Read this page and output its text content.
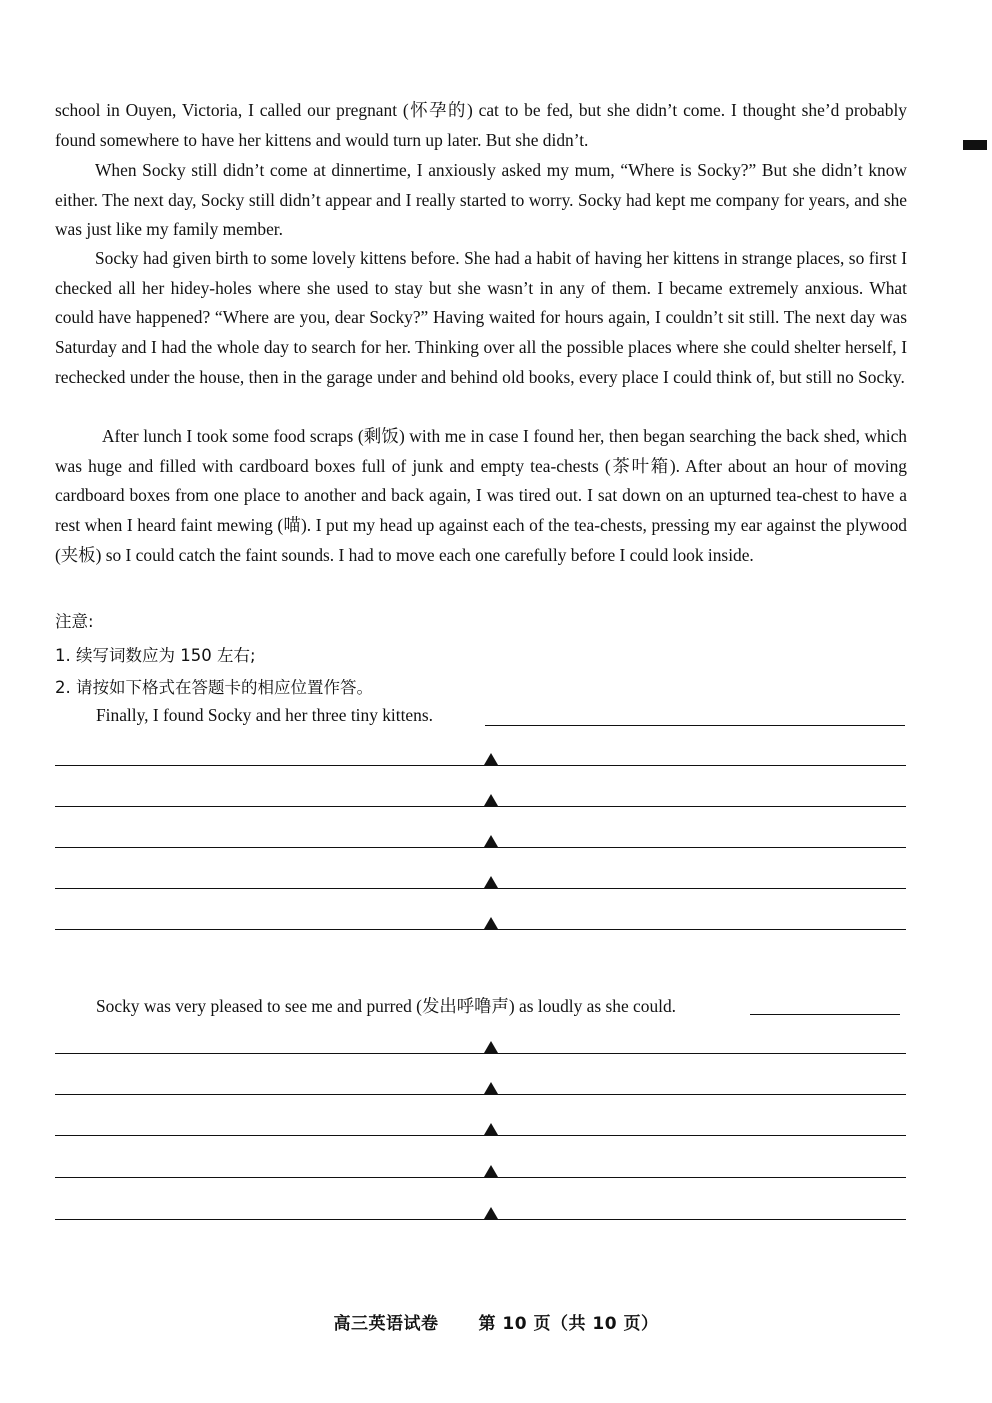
school in Ouyen, Victoria, I called our pregnant (怀孕的) cat to be fed, but she didn’t come. I thought she’d probably found somewhere to have her kittens and would turn up later. But she didn’t.

When Socky still didn’t come at dinnertime, I anxiously asked my mum, “Where is Socky?” But she didn’t know either. The next day, Socky still didn’t appear and I really started to worry. Socky had kept me company for years, and she was just like my family member.

Socky had given birth to some lovely kittens before. She had a habit of having her kittens in strange places, so first I checked all her hidey-holes where she used to stay but she wasn’t in any of them. I became extremely anxious. What could have happened? “Where are you, dear Socky?” Having waited for hours again, I couldn’t sit still. The next day was Saturday and I had the whole day to search for her. Thinking over all the possible places where she could shelter herself, I rechecked under the house, then in the garage under and behind old books, every place I could think of, but still no Socky.

After lunch I took some food scraps (剩饭) with me in case I found her, then began searching the back shed, which was huge and filled with cardboard boxes full of junk and empty tea-chests (茶叶箱). After about an hour of moving cardboard boxes from one place to another and back again, I was tired out. I sat down on an upturned tea-chest to have a rest when I heard faint mewing (喵). I put my head up against each of the tea-chests, pressing my ear against the plywood (夹板) so I could catch the faint sounds. I had to move each one carefully before I could look inside.

注意:
1. 续写词数应为 150 左右;
2. 请按如下格式在答题卡的相应位置作答。
Finally, I found Socky and her three tiny kittens.
Socky was very pleased to see me and purred (发出呼噜声) as loudly as she could.
高三英语试卷 第 10 页（共 10 页）
